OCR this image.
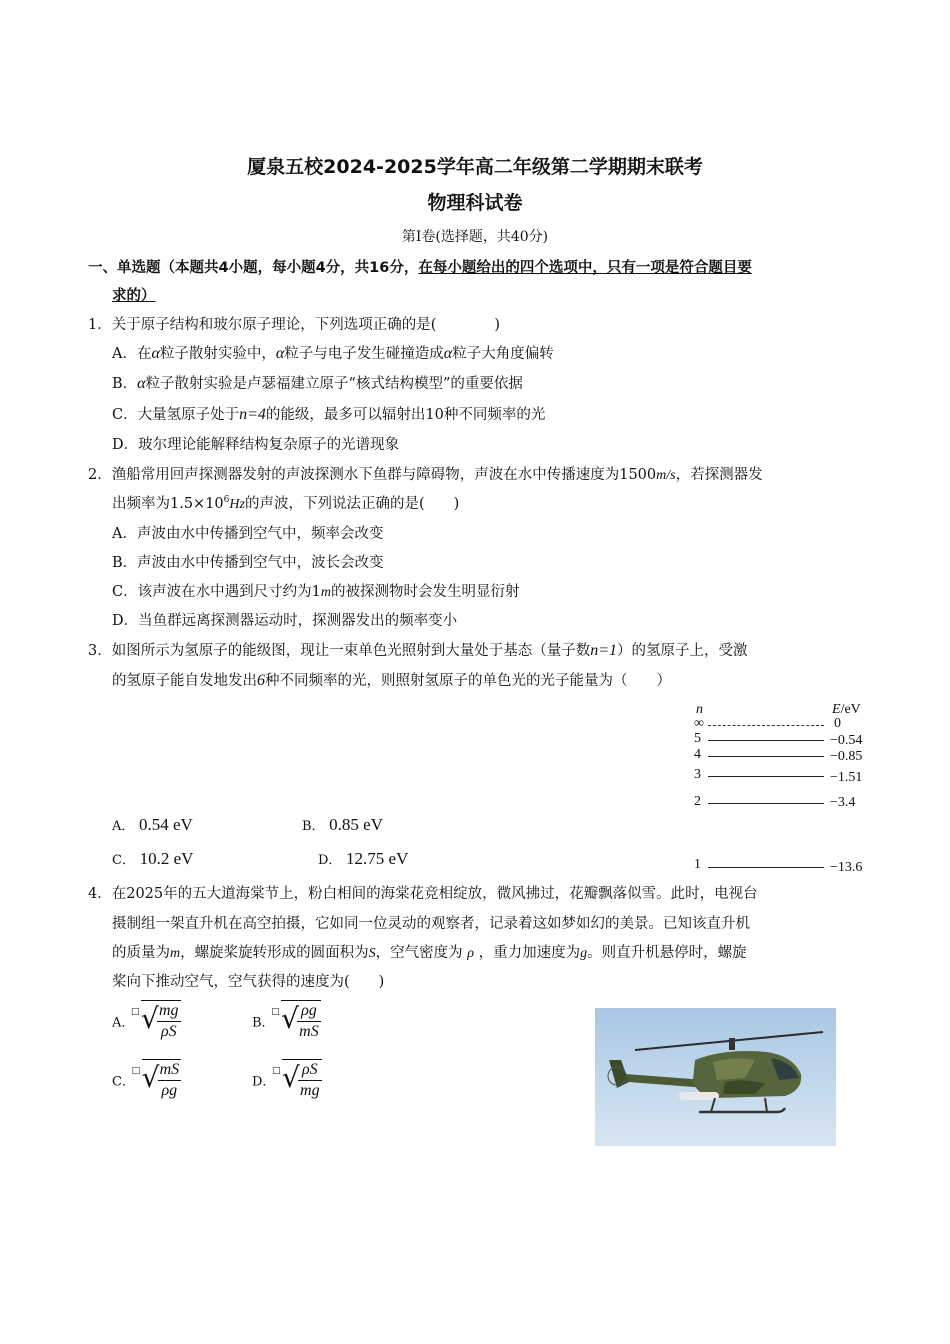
厦泉五校2024-2025学年高二年级第二学期期末联考
物理科试卷
第Ⅰ卷(选择题，共40分)
一、单选题（本题共4小题，每小题4分，共16分，在每小题给出的四个选项中，只有一项是符合题目要
求的）
1．关于原子结构和玻尔原子理论，下列选项正确的是(　　　　)
A．在α粒子散射实验中，α粒子与电子发生碰撞造成α粒子大角度偏转
B．α粒子散射实验是卢瑟福建立原子“核式结构模型”的重要依据
C．大量氢原子处于n=4的能级，最多可以辐射出10种不同频率的光
D．玻尔理论能解释结构复杂原子的光谱现象
2．渔船常用回声探测器发射的声波探测水下鱼群与障碍物，声波在水中传播速度为1500m/s，若探测器发
出频率为$1.5\times 10^6Hz$的声波，下列说法正确的是(　　)
A．声波由水中传播到空气中，频率会改变
B．声波由水中传播到空气中，波长会改变
C．该声波在水中遇到尺寸约为1m的被探测物时会发生明显衍射
D．当鱼群远离探测器运动时，探测器发出的频率变小
3．如图所示为氢原子的能级图，现让一束单色光照射到大量处于基态（量子数n=1）的氢原子上，受激
的氢原子能自发地发出6种不同频率的光，则照射氢原子的单色光的光子能量为（　　）
n	E/eV
∞	0
5	−0.54
4	−0.85
3	−1.51
2	−3.4
1	−13.6
A． 0.54 eV	B． 0.85 eV
C． 10.2 eV	D． 12.75 eV
4．在2025年的五大道海棠节上，粉白相间的海棠花竞相绽放，微风拂过，花瓣飘落似雪。此时，电视台
摄制组一架直升机在高空拍摄，它如同一位灵动的观察者，记录着这如梦如幻的美景。已知该直升机
的质量为m，螺旋桨旋转形成的圆面积为S，空气密度为 ρ ，重力加速度为g。则直升机悬停时，螺旋
桨向下推动空气，空气获得的速度为(　　)
A．
□ √
$\frac{mg}{\rho S}$	B．
□ √
$\frac{\rho g}{mS}$
C．
□ √
$\frac{mS}{\rho g}$	D．
□ √
$\frac{\rho S}{mg}$
